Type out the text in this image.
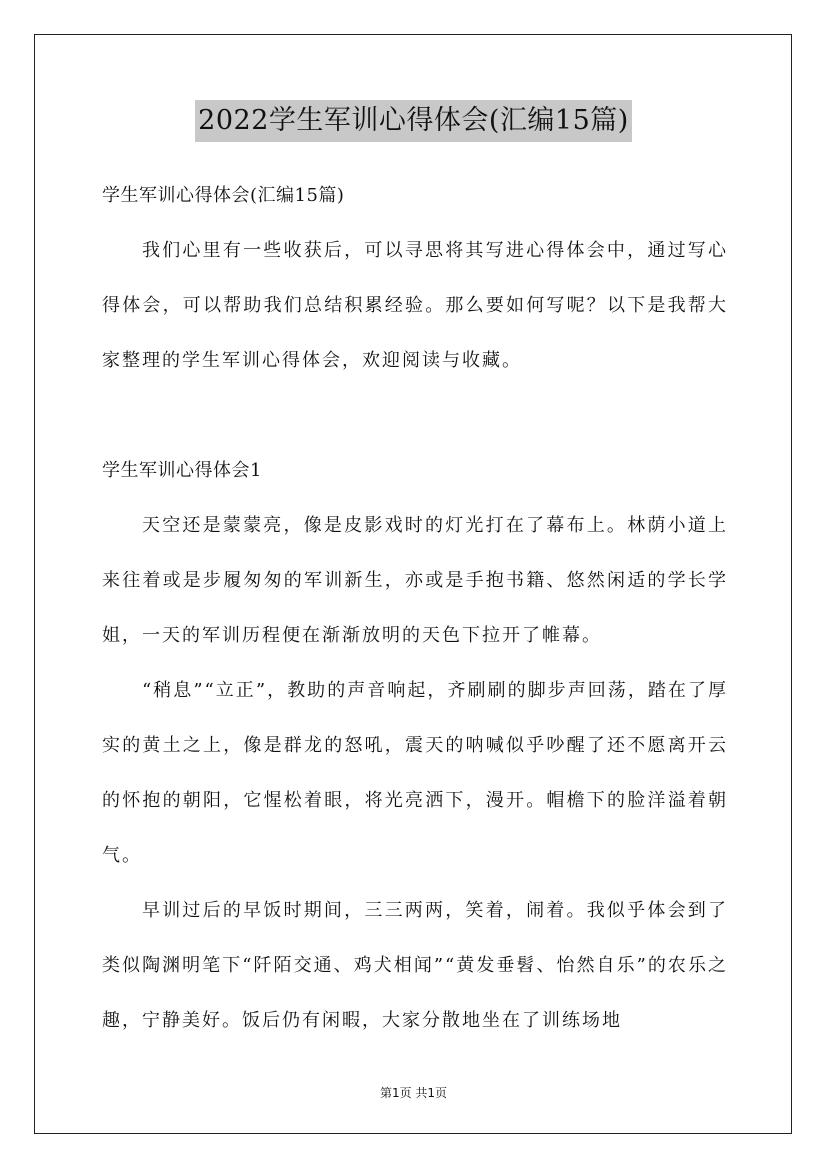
2022学生军训心得体会(汇编15篇)

学生军训心得体会(汇编15篇)

我们心里有一些收获后，可以寻思将其写进心得体会中，通过写心得体会，可以帮助我们总结积累经验。那么要如何写呢？以下是我帮大家整理的学生军训心得体会，欢迎阅读与收藏。

学生军训心得体会1

天空还是蒙蒙亮，像是皮影戏时的灯光打在了幕布上。林荫小道上来往着或是步履匆匆的军训新生，亦或是手抱书籍、悠然闲适的学长学姐，一天的军训历程便在渐渐放明的天色下拉开了帷幕。

“稍息”“立正”，教助的声音响起，齐刷刷的脚步声回荡，踏在了厚实的黄土之上，像是群龙的怒吼，震天的呐喊似乎吵醒了还不愿离开云的怀抱的朝阳，它惺松着眼，将光亮洒下，漫开。帽檐下的脸洋溢着朝气。

早训过后的早饭时期间，三三两两，笑着，闹着。我似乎体会到了类似陶渊明笔下“阡陌交通、鸡犬相闻”“黄发垂髫、怡然自乐”的农乐之趣，宁静美好。饭后仍有闲暇，大家分散地坐在了训练场地

第1页 共1页
